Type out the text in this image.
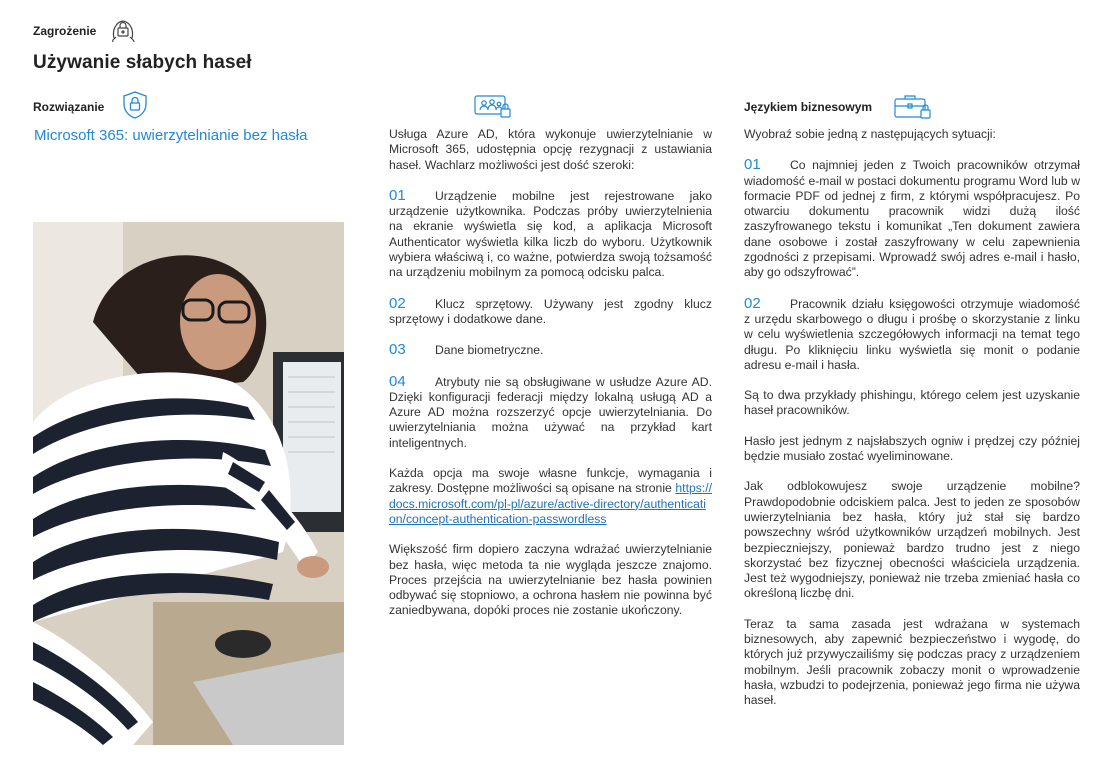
Zagrożenie
Używanie słabych haseł
Rozwiązanie
Microsoft 365: uwierzytelnianie bez hasła	Usługa Azure AD, która wykonuje uwierzytelnianie w Microsoft 365, udostępnia opcję rezygnacji z ustawiania haseł. Wachlarz możliwości jest dość szeroki:

01 Urządzenie mobilne jest rejestrowane jako urządzenie użytkownika. Podczas próby uwierzytelnienia na ekranie wyświetla się kod, a aplikacja Microsoft Authenticator wyświetla kilka liczb do wyboru. Użytkownik wybiera właściwą i, co ważne, potwierdza swoją tożsamość na urządzeniu mobilnym za pomocą odcisku palca.

02 Klucz sprzętowy. Używany jest zgodny klucz sprzętowy i dodatkowe dane.

03 Dane biometryczne.

04 Atrybuty nie są obsługiwane w usłudze Azure AD. Dzięki konfiguracji federacji między lokalną usługą AD a Azure AD można rozszerzyć opcje uwierzytelniania. Do uwierzytelniania można używać na przykład kart inteligentnych.

Każda opcja ma swoje własne funkcje, wymagania i zakresy. Dostępne możliwości są opisane na stronie https://docs.microsoft.com/pl-pl/azure/active-directory/authentication/concept-authentication-passwordless

Większość firm dopiero zaczyna wdrażać uwierzytelnianie bez hasła, więc metoda ta nie wygląda jeszcze znajomo. Proces przejścia na uwierzytelnianie bez hasła powinien odbywać się stopniowo, a ochrona hasłem nie powinna być zaniedbywana, dopóki proces nie zostanie ukończony.

Językiem biznesowym

Wyobraź sobie jedną z następujących sytuacji:

01 Co najmniej jeden z Twoich pracowników otrzymał wiadomość e-mail w postaci dokumentu programu Word lub w formacie PDF od jednej z firm, z którymi współpracujesz. Po otwarciu dokumentu pracownik widzi dużą ilość zaszyfrowanego tekstu i komunikat „Ten dokument zawiera dane osobowe i został zaszyfrowany w celu zapewnienia zgodności z przepisami. Wprowadź swój adres e-mail i hasło, aby go odszyfrować”.

02 Pracownik działu księgowości otrzymuje wiadomość z urzędu skarbowego o długu i prośbę o skorzystanie z linku w celu wyświetlenia szczegółowych informacji na temat tego długu. Po kliknięciu linku wyświetla się monit o podanie adresu e-mail i hasła.

Są to dwa przykłady phishingu, którego celem jest uzyskanie haseł pracowników.

Hasło jest jednym z najsłabszych ogniw i prędzej czy później będzie musiało zostać wyeliminowane.

Jak odblokowujesz swoje urządzenie mobilne? Prawdopodobnie odciskiem palca. Jest to jeden ze sposobów uwierzytelniania bez hasła, który już stał się bardzo powszechny wśród użytkowników urządzeń mobilnych. Jest bezpieczniejszy, ponieważ bardzo trudno jest z niego skorzystać bez fizycznej obecności właściciela urządzenia. Jest też wygodniejszy, ponieważ nie trzeba zmieniać hasła co określoną liczbę dni.

Teraz ta sama zasada jest wdrażana w systemach biznesowych, aby zapewnić bezpieczeństwo i wygodę, do których już przywyczailiśmy się podczas pracy z urządzeniem mobilnym. Jeśli pracownik zobaczy monit o wprowadzenie hasła, wzbudzi to podejrzenia, ponieważ jego firma nie używa haseł.
